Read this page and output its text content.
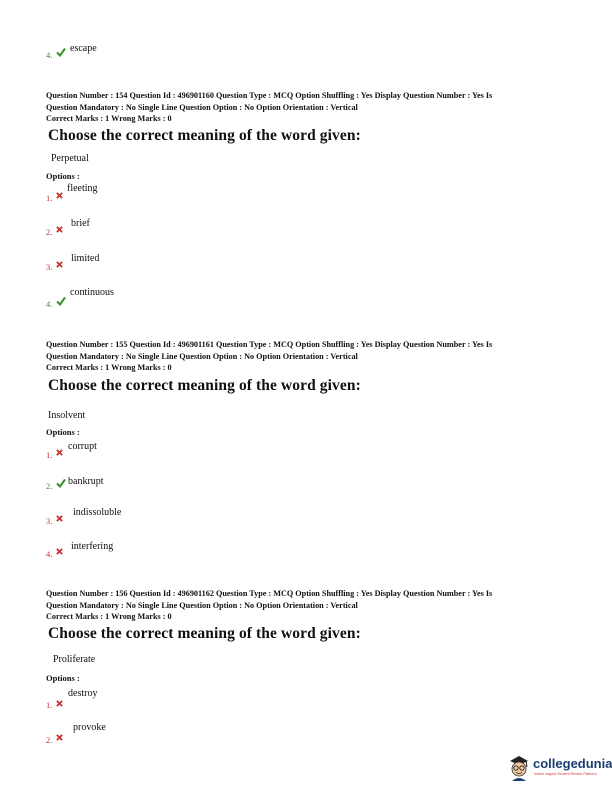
4.
escape
Question Number : 154 Question Id : 496901160 Question Type : MCQ Option Shuffling : Yes Display Question Number : Yes Is
Question Mandatory : No Single Line Question Option : No Option Orientation : Vertical
Correct Marks : 1 Wrong Marks : 0
Choose the correct meaning of the word given:
Perpetual
Options :
1.
fleeting
2.
brief
3.
limited
4.
continuous
Question Number : 155 Question Id : 496901161 Question Type : MCQ Option Shuffling : Yes Display Question Number : Yes Is
Question Mandatory : No Single Line Question Option : No Option Orientation : Vertical
Correct Marks : 1 Wrong Marks : 0
Choose the correct meaning of the word given:
Insolvent
Options :
1.
corrupt
2. bankrupt
3.
indissoluble
4.
interfering
Question Number : 156 Question Id : 496901162 Question Type : MCQ Option Shuffling : Yes Display Question Number : Yes Is
Question Mandatory : No Single Line Question Option : No Option Orientation : Vertical
Correct Marks : 1 Wrong Marks : 0
Choose the correct meaning of the word given:
Proliferate
Options :
1.
destroy
2.
provoke
collegedunia
India's largest Student Review Platform
